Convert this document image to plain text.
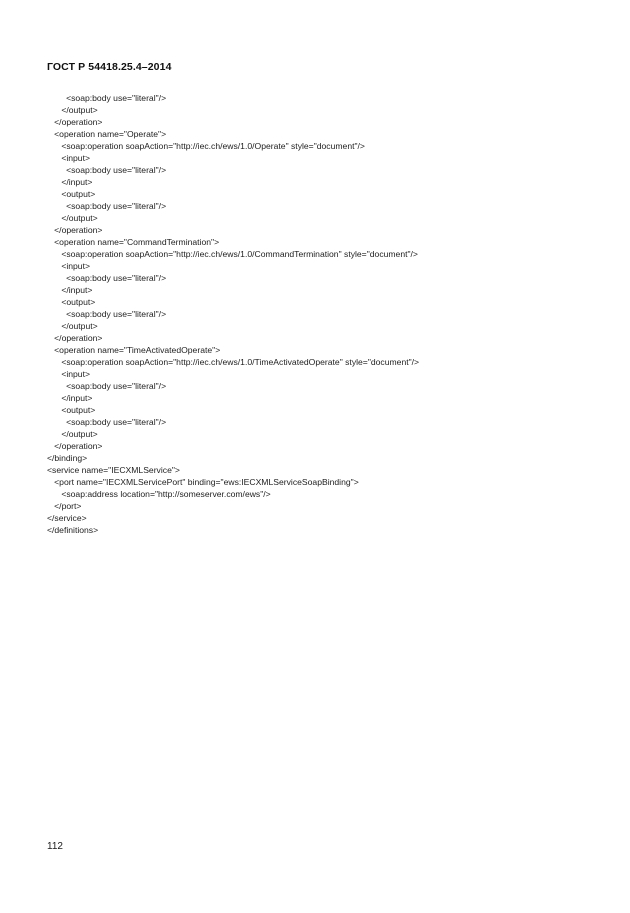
ГОСТ Р 54418.25.4–2014
<soap:body use="literal"/>
</output>
</operation>
<operation name="Operate">
<soap:operation soapAction="http://iec.ch/ews/1.0/Operate" style="document"/>
<input>
<soap:body use="literal"/>
</input>
<output>
<soap:body use="literal"/>
</output>
</operation>
<operation name="CommandTermination">
<soap:operation soapAction="http://iec.ch/ews/1.0/CommandTermination" style="document"/>
<input>
<soap:body use="literal"/>
</input>
<output>
<soap:body use="literal"/>
</output>
</operation>
<operation name="TimeActivatedOperate">
<soap:operation soapAction="http://iec.ch/ews/1.0/TimeActivatedOperate" style="document"/>
<input>
<soap:body use="literal"/>
</input>
<output>
<soap:body use="literal"/>
</output>
</operation>
</binding>
<service name="IECXMLService">
<port name="IECXMLServicePort" binding="ews:IECXMLServiceSoapBinding">
<soap:address location="http://someserver.com/ews"/>
</port>
</service>
</definitions>
112
